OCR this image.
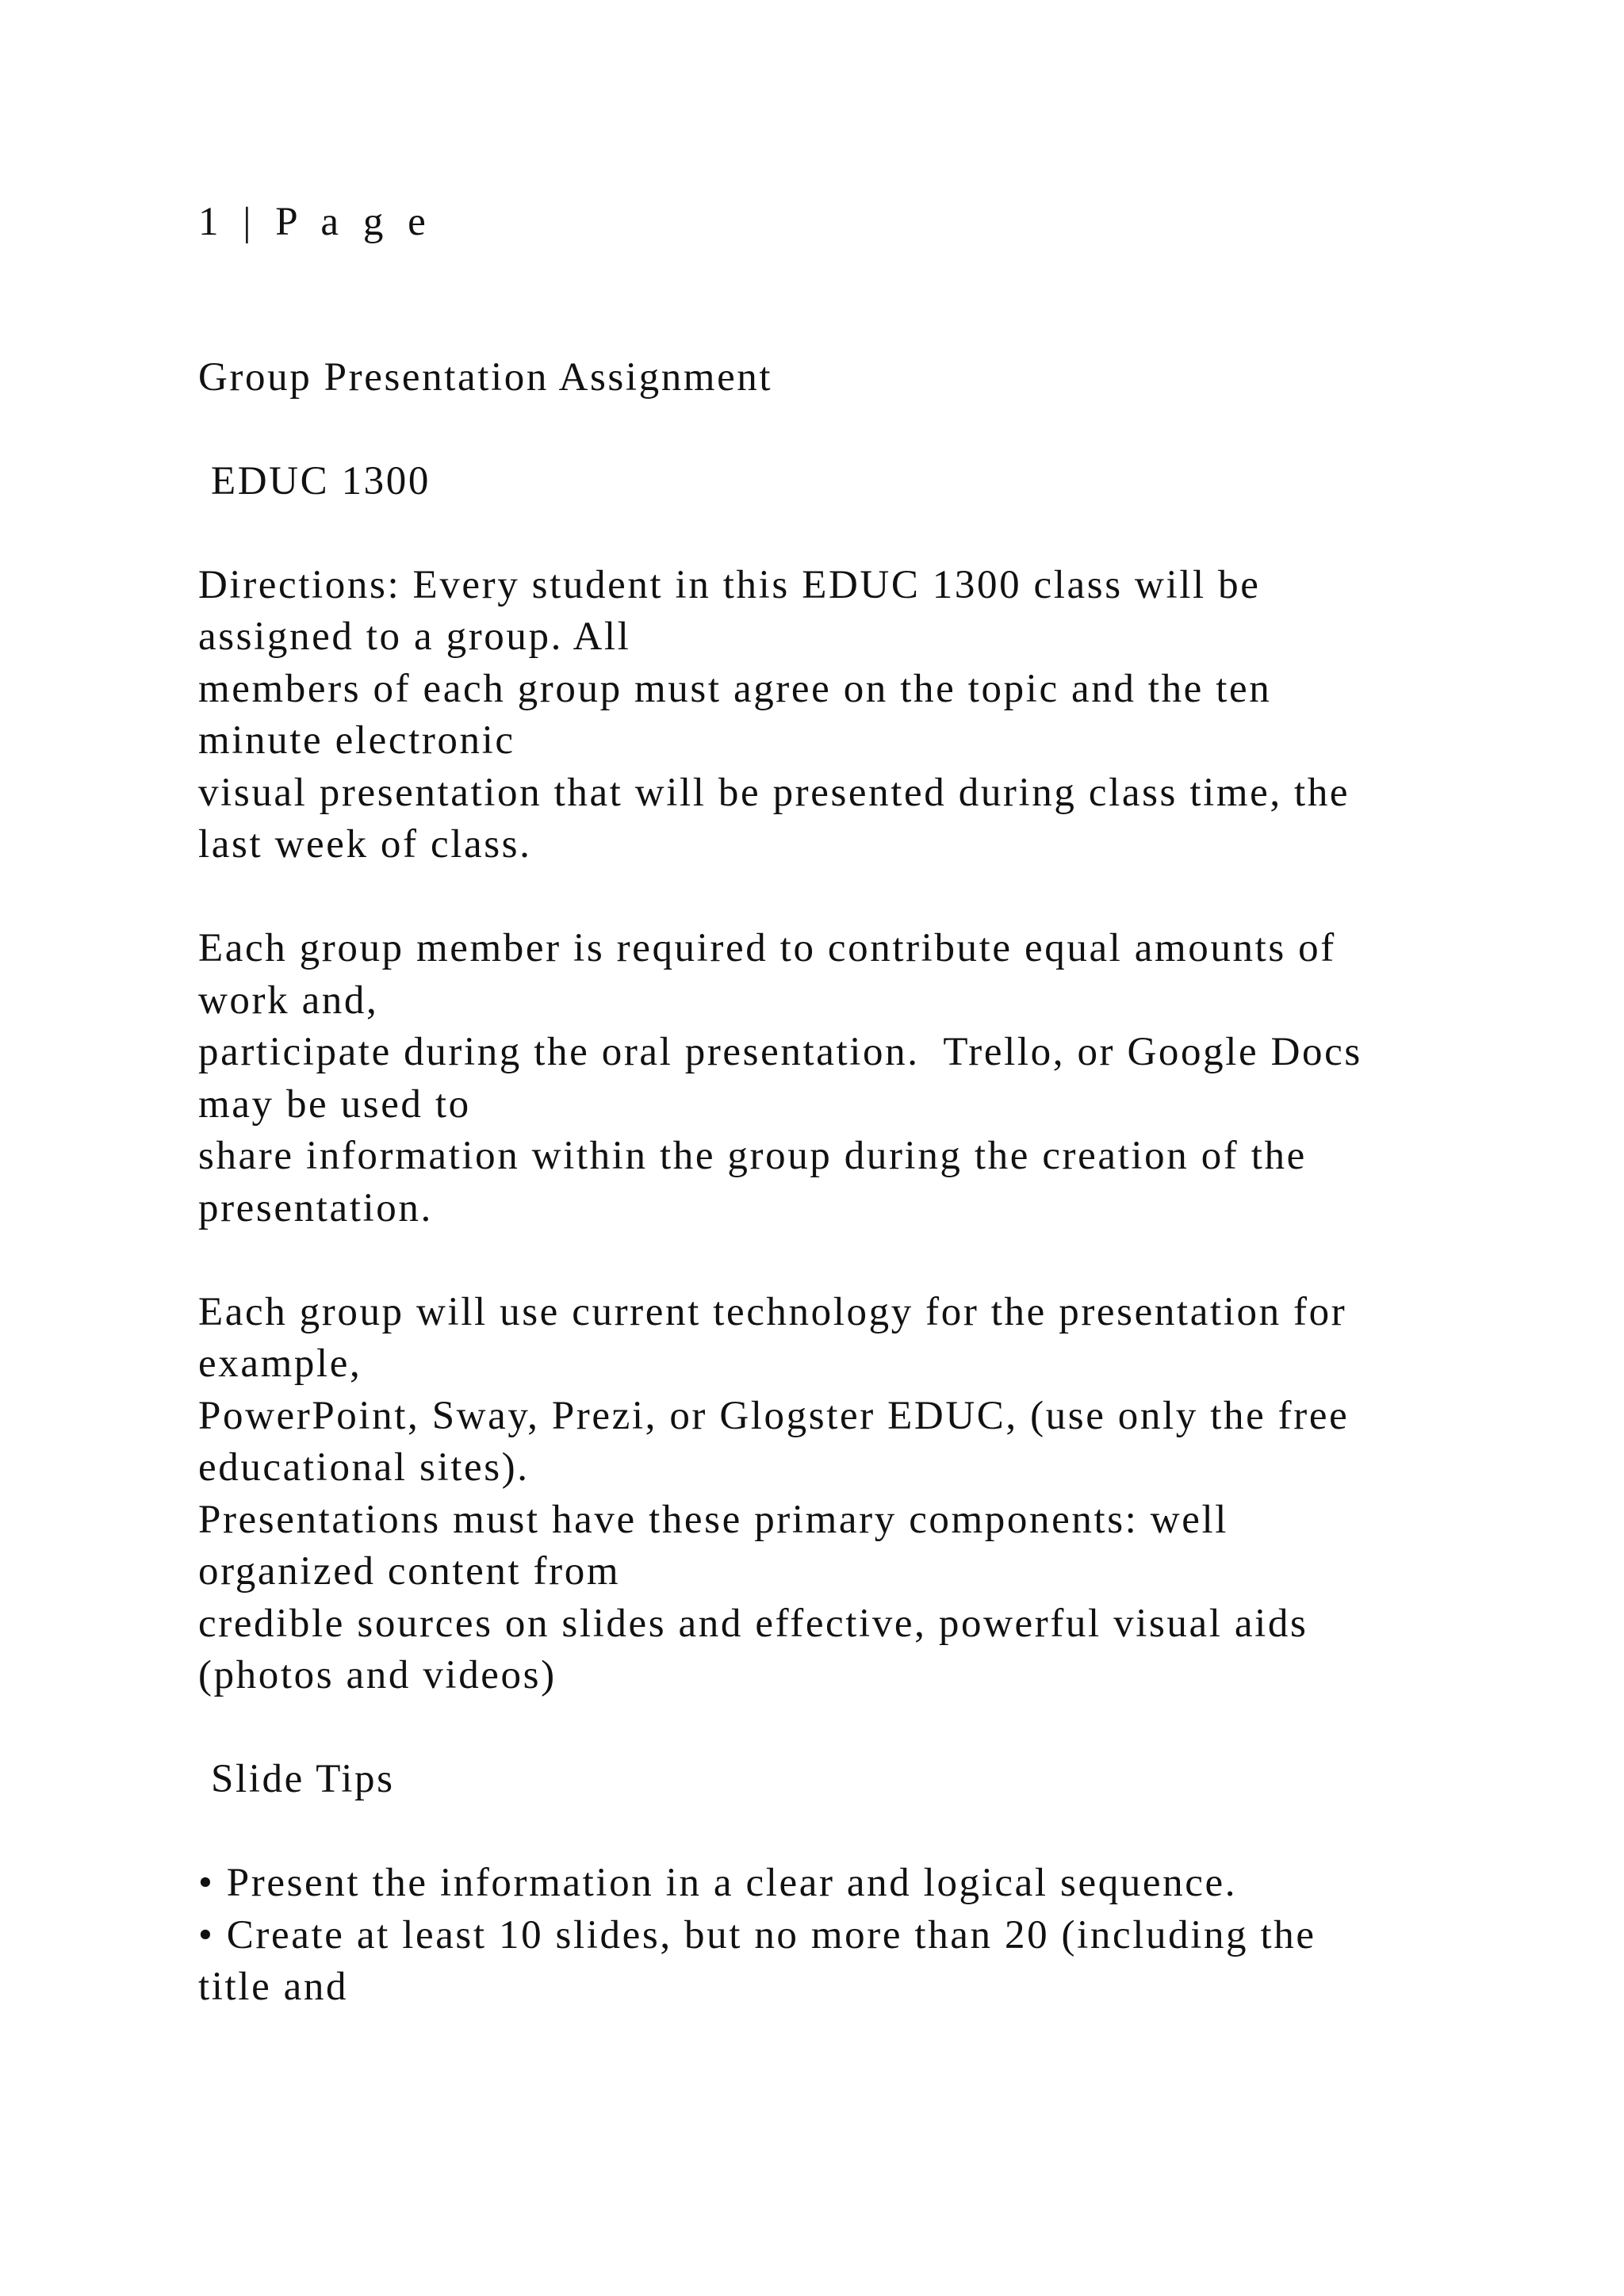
1 | P a g e

Group Presentation Assignment

EDUC 1300

Directions: Every student in this EDUC 1300 class will be

assigned to a group. All

members of each group must agree on the topic and the ten

minute electronic

visual presentation that will be presented during class time, the

last week of class.

Each group member is required to contribute equal amounts of

work and,

participate during the oral presentation.  Trello, or Google Docs

may be used to

share information within the group during the creation of the

presentation.

Each group will use current technology for the presentation for

example,

PowerPoint, Sway, Prezi, or Glogster EDUC, (use only the free

educational sites).

Presentations must have these primary components: well

organized content from

credible sources on slides and effective, powerful visual aids

(photos and videos)

Slide Tips

• Present the information in a clear and logical sequence.

• Create at least 10 slides, but no more than 20 (including the

title and
